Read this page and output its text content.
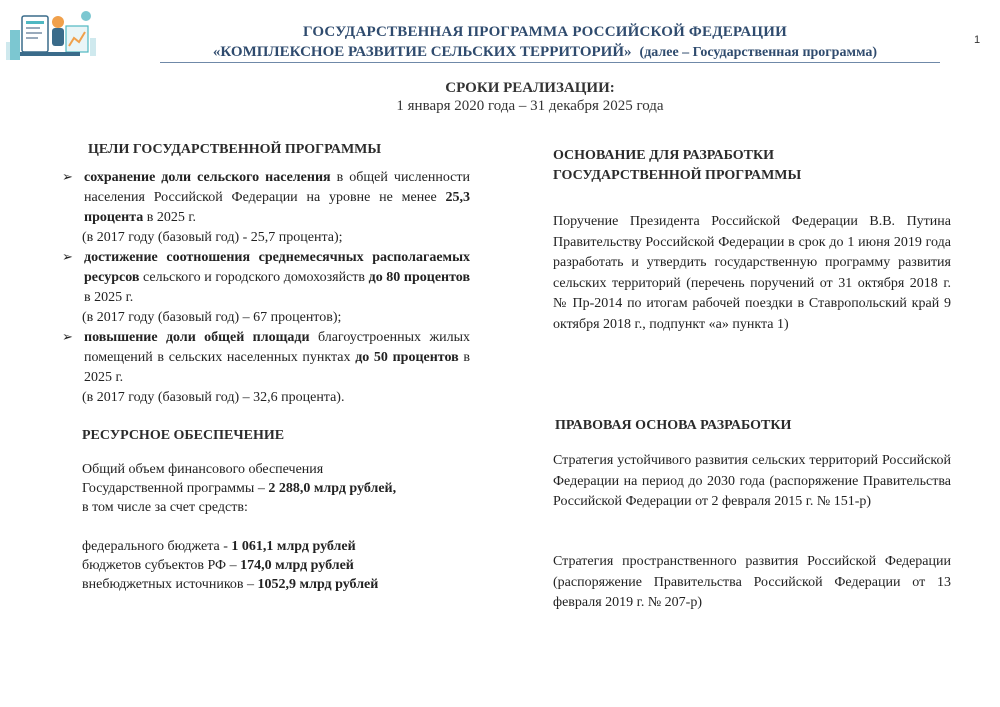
ГОСУДАРСТВЕННАЯ ПРОГРАММА РОССИЙСКОЙ ФЕДЕРАЦИИ
«КОМПЛЕКСНОЕ РАЗВИТИЕ СЕЛЬСКИХ ТЕРРИТОРИЙ» (далее – Государственная программа)
1
СРОКИ РЕАЛИЗАЦИИ:
1 января 2020 года – 31 декабря 2025 года
ЦЕЛИ ГОСУДАРСТВЕННОЙ ПРОГРАММЫ
➢ сохранение доли сельского населения в общей численности населения Российской Федерации на уровне не менее 25,3 процента в 2025 г.
(в 2017 году (базовый год) - 25,7 процента);
➢ достижение соотношения среднемесячных располагаемых ресурсов сельского и городского домохозяйств до 80 процентов в 2025 г.
(в 2017 году (базовый год) – 67 процентов);
➢ повышение доли общей площади благоустроенных жилых помещений в сельских населенных пунктах до 50 процентов в 2025 г.
(в 2017 году (базовый год) – 32,6 процента).
РЕСУРСНОЕ ОБЕСПЕЧЕНИЕ
Общий объем финансового обеспечения
Государственной программы – 2 288,0 млрд рублей,
в том числе за счет средств:
федерального бюджета - 1 061,1 млрд рублей
бюджетов субъектов РФ – 174,0 млрд рублей
внебюджетных источников – 1052,9 млрд рублей
ОСНОВАНИЕ ДЛЯ РАЗРАБОТКИ
ГОСУДАРСТВЕННОЙ ПРОГРАММЫ
Поручение Президента Российской Федерации В.В. Путина Правительству Российской Федерации в срок до 1 июня 2019 года разработать и утвердить государственную программу развития сельских территорий (перечень поручений от 31 октября 2018 г. № Пр-2014 по итогам рабочей поездки в Ставропольский край 9 октября 2018 г., подпункт «а» пункта 1)
ПРАВОВАЯ ОСНОВА РАЗРАБОТКИ
Стратегия устойчивого развития сельских территорий Российской Федерации на период до 2030 года (распоряжение Правительства Российской Федерации от 2 февраля 2015 г. № 151-р)
Стратегия пространственного развития Российской Федерации (распоряжение Правительства Российской Федерации от 13 февраля 2019 г. № 207-р)
